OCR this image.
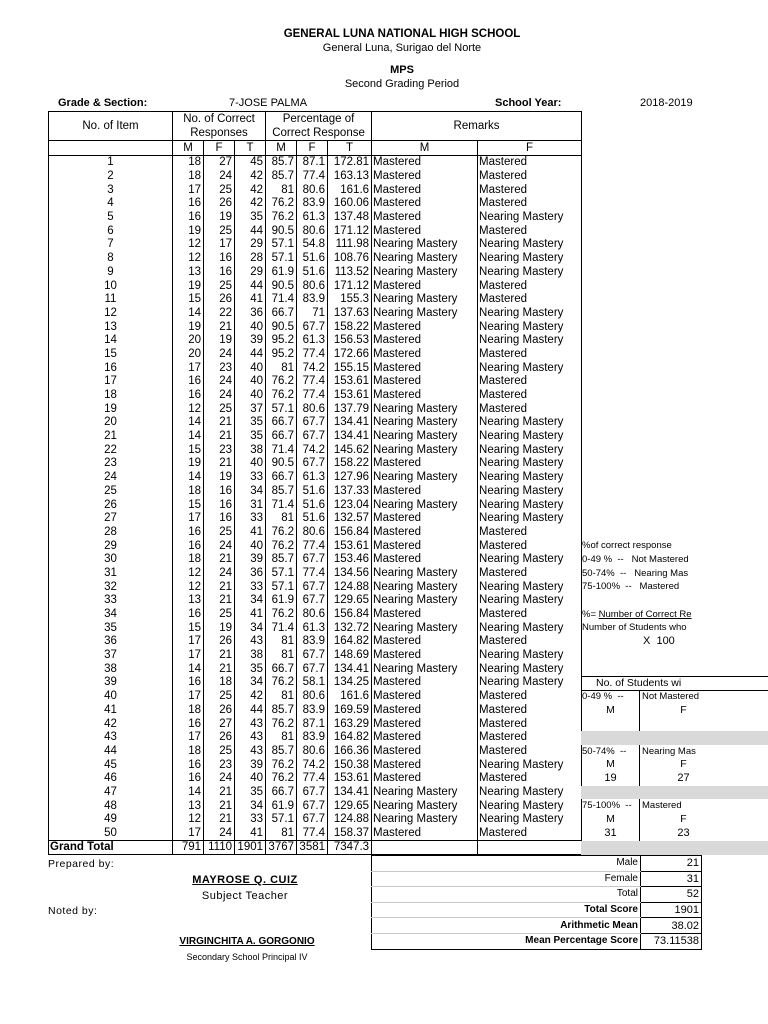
GENERAL LUNA NATIONAL HIGH SCHOOL
General Luna, Surigao del Norte
MPS
Second Grading Period
Grade & Section:	7-JOSE PALMA	School Year:	2018-2019
No. of Item	No. of Correct
Responses			Percentage of
Correct Response			Remarks	
	M	F	T	M	F	T	M	F
1	18	27	45	85.7	87.1	172.81	Mastered	Mastered
2	18	24	42	85.7	77.4	163.13	Mastered	Mastered
3	17	25	42	81	80.6	161.6	Mastered	Mastered
4	16	26	42	76.2	83.9	160.06	Mastered	Mastered
5	16	19	35	76.2	61.3	137.48	Mastered	Nearing Mastery
6	19	25	44	90.5	80.6	171.12	Mastered	Mastered
7	12	17	29	57.1	54.8	111.98	Nearing Mastery	Nearing Mastery
8	12	16	28	57.1	51.6	108.76	Nearing Mastery	Nearing Mastery
9	13	16	29	61.9	51.6	113.52	Nearing Mastery	Nearing Mastery
10	19	25	44	90.5	80.6	171.12	Mastered	Mastered
11	15	26	41	71.4	83.9	155.3	Nearing Mastery	Mastered
12	14	22	36	66.7	71	137.63	Nearing Mastery	Nearing Mastery
13	19	21	40	90.5	67.7	158.22	Mastered	Nearing Mastery
14	20	19	39	95.2	61.3	156.53	Mastered	Nearing Mastery
15	20	24	44	95.2	77.4	172.66	Mastered	Mastered
16	17	23	40	81	74.2	155.15	Mastered	Nearing Mastery
17	16	24	40	76.2	77.4	153.61	Mastered	Mastered
18	16	24	40	76.2	77.4	153.61	Mastered	Mastered
19	12	25	37	57.1	80.6	137.79	Nearing Mastery	Mastered
20	14	21	35	66.7	67.7	134.41	Nearing Mastery	Nearing Mastery
21	14	21	35	66.7	67.7	134.41	Nearing Mastery	Nearing Mastery
22	15	23	38	71.4	74.2	145.62	Nearing Mastery	Nearing Mastery
23	19	21	40	90.5	67.7	158.22	Mastered	Nearing Mastery
24	14	19	33	66.7	61.3	127.96	Nearing Mastery	Nearing Mastery
25	18	16	34	85.7	51.6	137.33	Mastered	Nearing Mastery
26	15	16	31	71.4	51.6	123.04	Nearing Mastery	Nearing Mastery
27	17	16	33	81	51.6	132.57	Mastered	Nearing Mastery
28	16	25	41	76.2	80.6	156.84	Mastered	Mastered
29	16	24	40	76.2	77.4	153.61	Mastered	Mastered
30	18	21	39	85.7	67.7	153.46	Mastered	Nearing Mastery
31	12	24	36	57.1	77.4	134.56	Nearing Mastery	Mastered
32	12	21	33	57.1	67.7	124.88	Nearing Mastery	Nearing Mastery
33	13	21	34	61.9	67.7	129.65	Nearing Mastery	Nearing Mastery
34	16	25	41	76.2	80.6	156.84	Mastered	Mastered
35	15	19	34	71.4	61.3	132.72	Nearing Mastery	Nearing Mastery
36	17	26	43	81	83.9	164.82	Mastered	Mastered
37	17	21	38	81	67.7	148.69	Mastered	Nearing Mastery
38	14	21	35	66.7	67.7	134.41	Nearing Mastery	Nearing Mastery
39	16	18	34	76.2	58.1	134.25	Mastered	Nearing Mastery
40	17	25	42	81	80.6	161.6	Mastered	Mastered
41	18	26	44	85.7	83.9	169.59	Mastered	Mastered
42	16	27	43	76.2	87.1	163.29	Mastered	Mastered
43	17	26	43	81	83.9	164.82	Mastered	Mastered
44	18	25	43	85.7	80.6	166.36	Mastered	Mastered
45	16	23	39	76.2	74.2	150.38	Mastered	Nearing Mastery
46	16	24	40	76.2	77.4	153.61	Mastered	Mastered
47	14	21	35	66.7	67.7	134.41	Nearing Mastery	Nearing Mastery
48	13	21	34	61.9	67.7	129.65	Nearing Mastery	Nearing Mastery
49	12	21	33	57.1	67.7	124.88	Nearing Mastery	Nearing Mastery
50	17	24	41	81	77.4	158.37	Mastered	Mastered
Grand Total	791	1110	1901	3767	3581	7347.3		
%of correct response
0-49 %  --   Not Mastered
50-74%  --   Nearing Mas
75-100%  --   Mastered
%= Number of Correct Re
Number of Students who
X  100
No. of Students wi
0-49 %  --	Not Mastered
M	F
50-74%  --	Nearing Mas
M	F
19	27
75-100%  --	Mastered
M	F
31	23
Prepared by:
MAYROSE Q. CUIZ
Subject Teacher
Noted by:
VIRGINCHITA A. GORGONIO
Secondary School Principal IV
Male	21
Female	31
Total	52
Total Score	1901
Arithmetic Mean	38.02
Mean Percentage Score	73.11538
